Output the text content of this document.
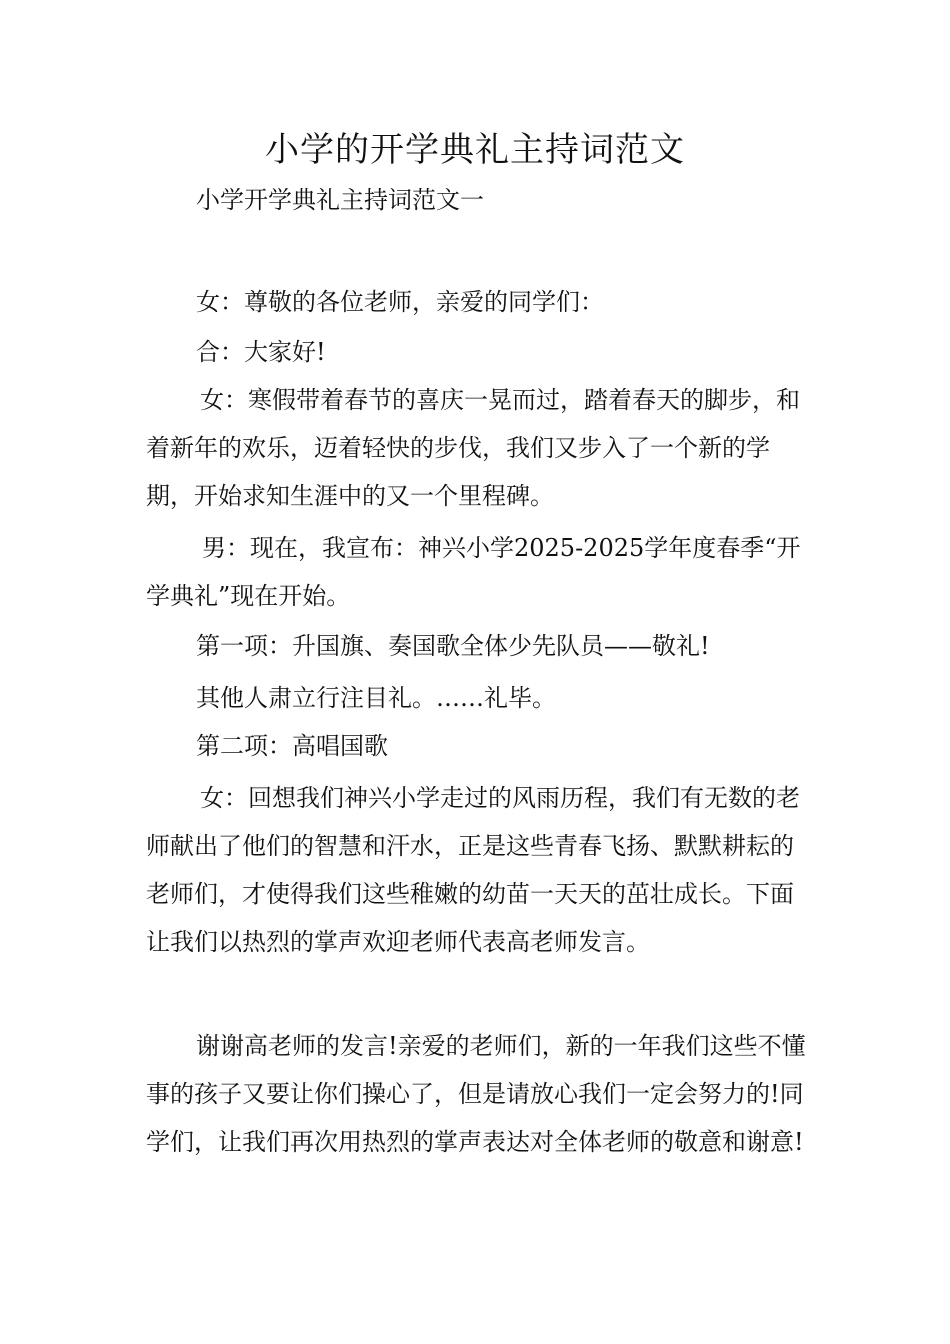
小学的开学典礼主持词范文
小学开学典礼主持词范文一

女：尊敬的各位老师，亲爱的同学们：

合：大家好!

女：寒假带着春节的喜庆一晃而过，踏着春天的脚步，和着新年的欢乐，迈着轻快的步伐，我们又步入了一个新的学期，开始求知生涯中的又一个里程碑。

男：现在，我宣布：神兴小学2025-2025学年度春季“开学典礼”现在开始。

第一项：升国旗、奏国歌全体少先队员——敬礼!

其他人肃立行注目礼。……礼毕。

第二项：高唱国歌

女：回想我们神兴小学走过的风雨历程，我们有无数的老师献出了他们的智慧和汗水，正是这些青春飞扬、默默耕耘的老师们，才使得我们这些稚嫩的幼苗一天天的茁壮成长。下面让我们以热烈的掌声欢迎老师代表高老师发言。

谢谢高老师的发言!亲爱的老师们，新的一年我们这些不懂事的孩子又要让你们操心了，但是请放心我们一定会努力的!同学们，让我们再次用热烈的掌声表达对全体老师的敬意和谢意!
